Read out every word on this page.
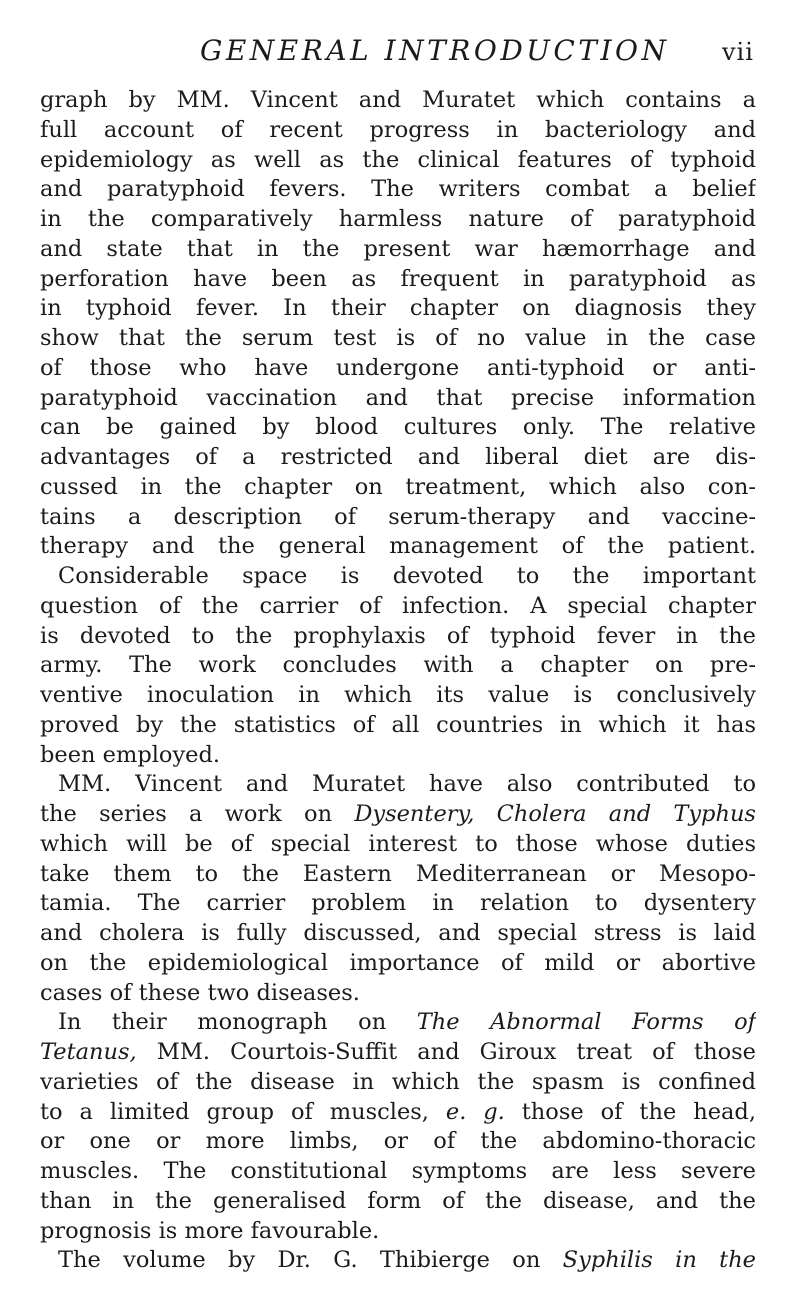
GENERAL INTRODUCTION vii
graph by MM. Vincent and Muratet which contains a
full account of recent progress in bacteriology and
epidemiology as well as the clinical features of typhoid
and paratyphoid fevers. The writers combat a belief
in the comparatively harmless nature of paratyphoid
and state that in the present war hæmorrhage and
perforation have been as frequent in paratyphoid as
in typhoid fever. In their chapter on diagnosis they
show that the serum test is of no value in the case
of those who have undergone anti-typhoid or anti-
paratyphoid vaccination and that precise information
can be gained by blood cultures only. The relative
advantages of a restricted and liberal diet are dis-
cussed in the chapter on treatment, which also con-
tains a description of serum-therapy and vaccine-
therapy and the general management of the patient.
Considerable space is devoted to the important
question of the carrier of infection. A special chapter
is devoted to the prophylaxis of typhoid fever in the
army. The work concludes with a chapter on pre-
ventive inoculation in which its value is conclusively
proved by the statistics of all countries in which it has
been employed.
MM. Vincent and Muratet have also contributed to
the series a work on Dysentery, Cholera and Typhus
which will be of special interest to those whose duties
take them to the Eastern Mediterranean or Mesopo-
tamia. The carrier problem in relation to dysentery
and cholera is fully discussed, and special stress is laid
on the epidemiological importance of mild or abortive
cases of these two diseases.
In their monograph on The Abnormal Forms of
Tetanus, MM. Courtois-Suffit and Giroux treat of those
varieties of the disease in which the spasm is confined
to a limited group of muscles, e. g. those of the head,
or one or more limbs, or of the abdomino-thoracic
muscles. The constitutional symptoms are less severe
than in the generalised form of the disease, and the
prognosis is more favourable.
The volume by Dr. G. Thibierge on Syphilis in the
